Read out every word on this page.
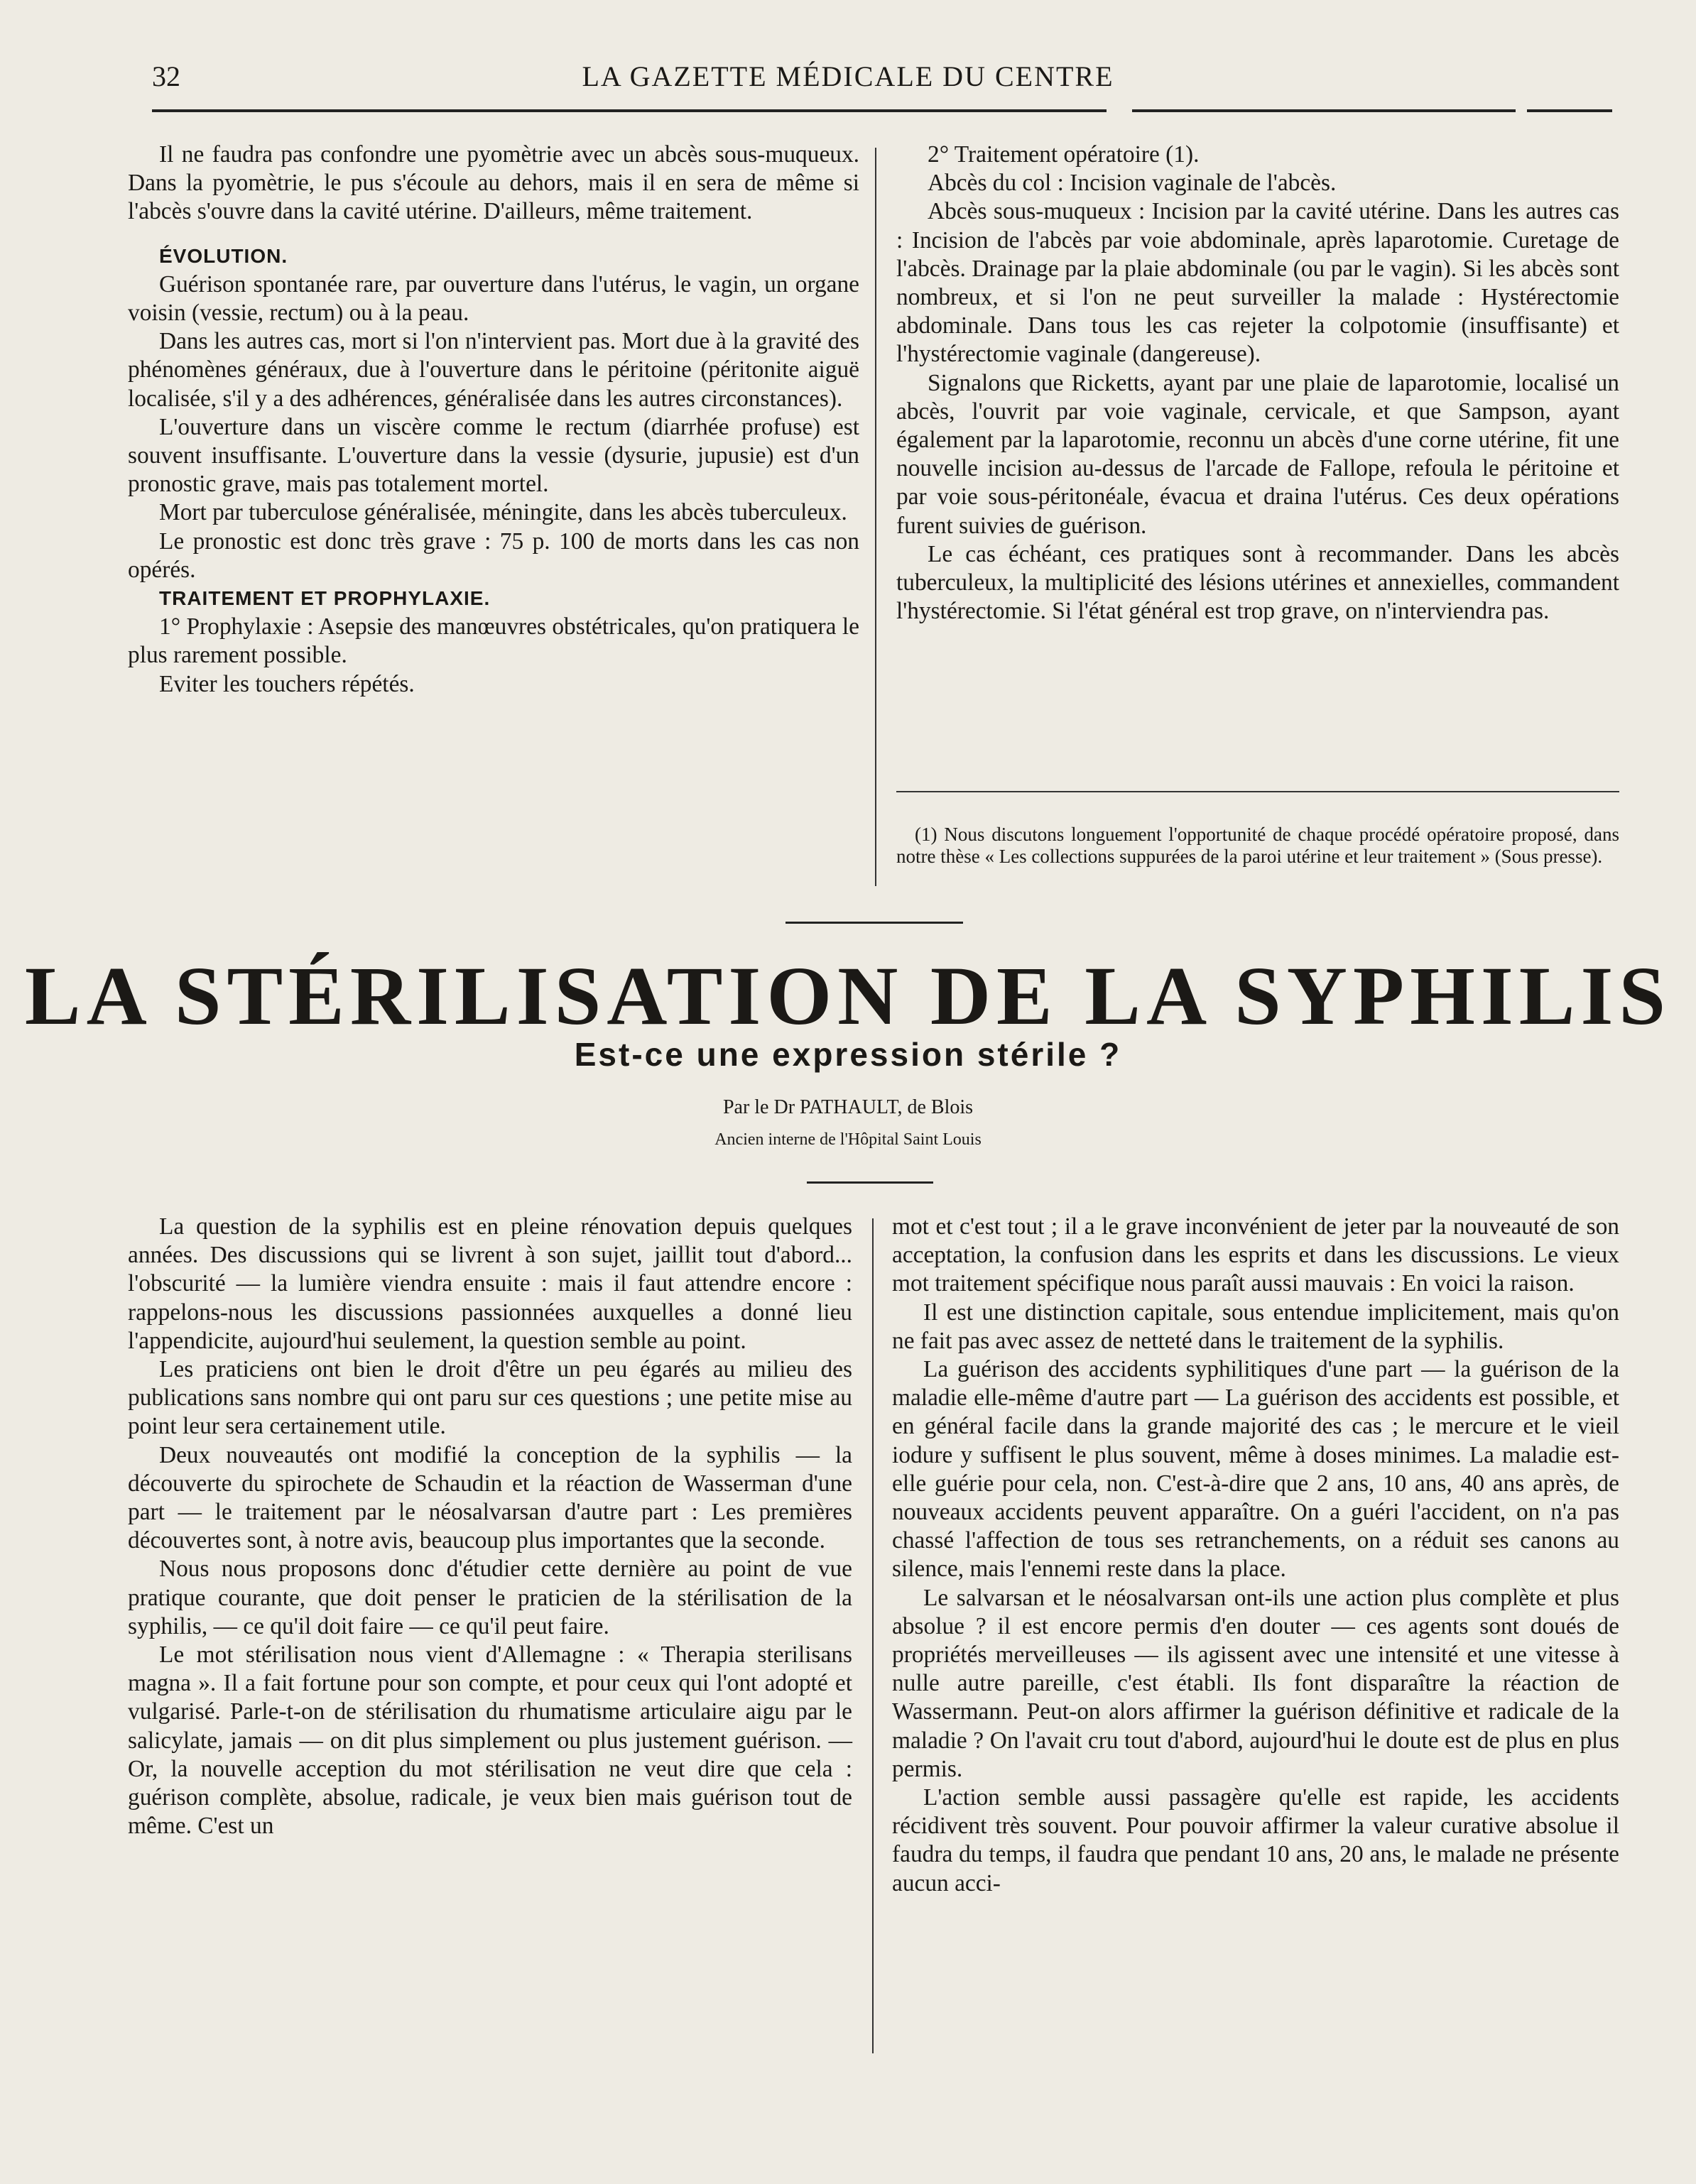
32	LA GAZETTE MÉDICALE DU CENTRE

Il ne faudra pas confondre une pyomètrie avec un abcès sous-muqueux. Dans la pyomètrie, le pus s'écoule au dehors, mais il en sera de même si l'abcès s'ouvre dans la cavité utérine. D'ailleurs, même traitement.

ÉVOLUTION.

Guérison spontanée rare, par ouverture dans l'utérus, le vagin, un organe voisin (vessie, rectum) ou à la peau.

Dans les autres cas, mort si l'on n'intervient pas. Mort due à la gravité des phénomènes généraux, due à l'ouverture dans le péritoine (péritonite aiguë localisée, s'il y a des adhérences, généralisée dans les autres circonstances).

L'ouverture dans un viscère comme le rectum (diarrhée profuse) est souvent insuffisante. L'ouverture dans la vessie (dysurie, jupusie) est d'un pronostic grave, mais pas totalement mortel.

Mort par tuberculose généralisée, méningite, dans les abcès tuberculeux.

Le pronostic est donc très grave : 75 p. 100 de morts dans les cas non opérés.

TRAITEMENT ET PROPHYLAXIE.

1° Prophylaxie : Asepsie des manœuvres obstétricales, qu'on pratiquera le plus rarement possible.

Eviter les touchers répétés.

2° Traitement opératoire (1).

Abcès du col : Incision vaginale de l'abcès.

Abcès sous-muqueux : Incision par la cavité utérine. Dans les autres cas : Incision de l'abcès par voie abdominale, après laparotomie. Curetage de l'abcès. Drainage par la plaie abdominale (ou par le vagin). Si les abcès sont nombreux, et si l'on ne peut surveiller la malade : Hystérectomie abdominale. Dans tous les cas rejeter la colpotomie (insuffisante) et l'hystérectomie vaginale (dangereuse).

Signalons que Ricketts, ayant par une plaie de laparotomie, localisé un abcès, l'ouvrit par voie vaginale, cervicale, et que Sampson, ayant également par la laparotomie, reconnu un abcès d'une corne utérine, fit une nouvelle incision au-dessus de l'arcade de Fallope, refoula le péritoine et par voie sous-péritonéale, évacua et draina l'utérus. Ces deux opérations furent suivies de guérison.

Le cas échéant, ces pratiques sont à recommander. Dans les abcès tuberculeux, la multiplicité des lésions utérines et annexielles, commandent l'hystérectomie. Si l'état général est trop grave, on n'interviendra pas.

(1) Nous discutons longuement l'opportunité de chaque procédé opératoire proposé, dans notre thèse « Les collections suppurées de la paroi utérine et leur traitement » (Sous presse).

LA STÉRILISATION DE LA SYPHILIS
Est-ce une expression stérile ?
Par le Dr PATHAULT, de Blois
Ancien interne de l'Hôpital Saint Louis

La question de la syphilis est en pleine rénovation depuis quelques années. Des discussions qui se livrent à son sujet, jaillit tout d'abord... l'obscurité — la lumière viendra ensuite : mais il faut attendre encore : rappelons-nous les discussions passionnées auxquelles a donné lieu l'appendicite, aujourd'hui seulement, la question semble au point.

Les praticiens ont bien le droit d'être un peu égarés au milieu des publications sans nombre qui ont paru sur ces questions ; une petite mise au point leur sera certainement utile.

Deux nouveautés ont modifié la conception de la syphilis — la découverte du spirochete de Schaudin et la réaction de Wasserman d'une part — le traitement par le néosalvarsan d'autre part : Les premières découvertes sont, à notre avis, beaucoup plus importantes que la seconde.

Nous nous proposons donc d'étudier cette dernière au point de vue pratique courante, que doit penser le praticien de la stérilisation de la syphilis, — ce qu'il doit faire — ce qu'il peut faire.

Le mot stérilisation nous vient d'Allemagne : « Therapia sterilisans magna ». Il a fait fortune pour son compte, et pour ceux qui l'ont adopté et vulgarisé. Parle-t-on de stérilisation du rhumatisme articulaire aigu par le salicylate, jamais — on dit plus simplement ou plus justement guérison. — Or, la nouvelle acception du mot stérilisation ne veut dire que cela : guérison complète, absolue, radicale, je veux bien mais guérison tout de même. C'est un

mot et c'est tout ; il a le grave inconvénient de jeter par la nouveauté de son acceptation, la confusion dans les esprits et dans les discussions. Le vieux mot traitement spécifique nous paraît aussi mauvais : En voici la raison.

Il est une distinction capitale, sous entendue implicitement, mais qu'on ne fait pas avec assez de netteté dans le traitement de la syphilis.

La guérison des accidents syphilitiques d'une part — la guérison de la maladie elle-même d'autre part — La guérison des accidents est possible, et en général facile dans la grande majorité des cas ; le mercure et le vieil iodure y suffisent le plus souvent, même à doses minimes. La maladie est-elle guérie pour cela, non. C'est-à-dire que 2 ans, 10 ans, 40 ans après, de nouveaux accidents peuvent apparaître. On a guéri l'accident, on n'a pas chassé l'affection de tous ses retranchements, on a réduit ses canons au silence, mais l'ennemi reste dans la place.

Le salvarsan et le néosalvarsan ont-ils une action plus complète et plus absolue ? il est encore permis d'en douter — ces agents sont doués de propriétés merveilleuses — ils agissent avec une intensité et une vitesse à nulle autre pareille, c'est établi. Ils font disparaître la réaction de Wassermann. Peut-on alors affirmer la guérison définitive et radicale de la maladie ? On l'avait cru tout d'abord, aujourd'hui le doute est de plus en plus permis.

L'action semble aussi passagère qu'elle est rapide, les accidents récidivent très souvent. Pour pouvoir affirmer la valeur curative absolue il faudra du temps, il faudra que pendant 10 ans, 20 ans, le malade ne présente aucun acci-
